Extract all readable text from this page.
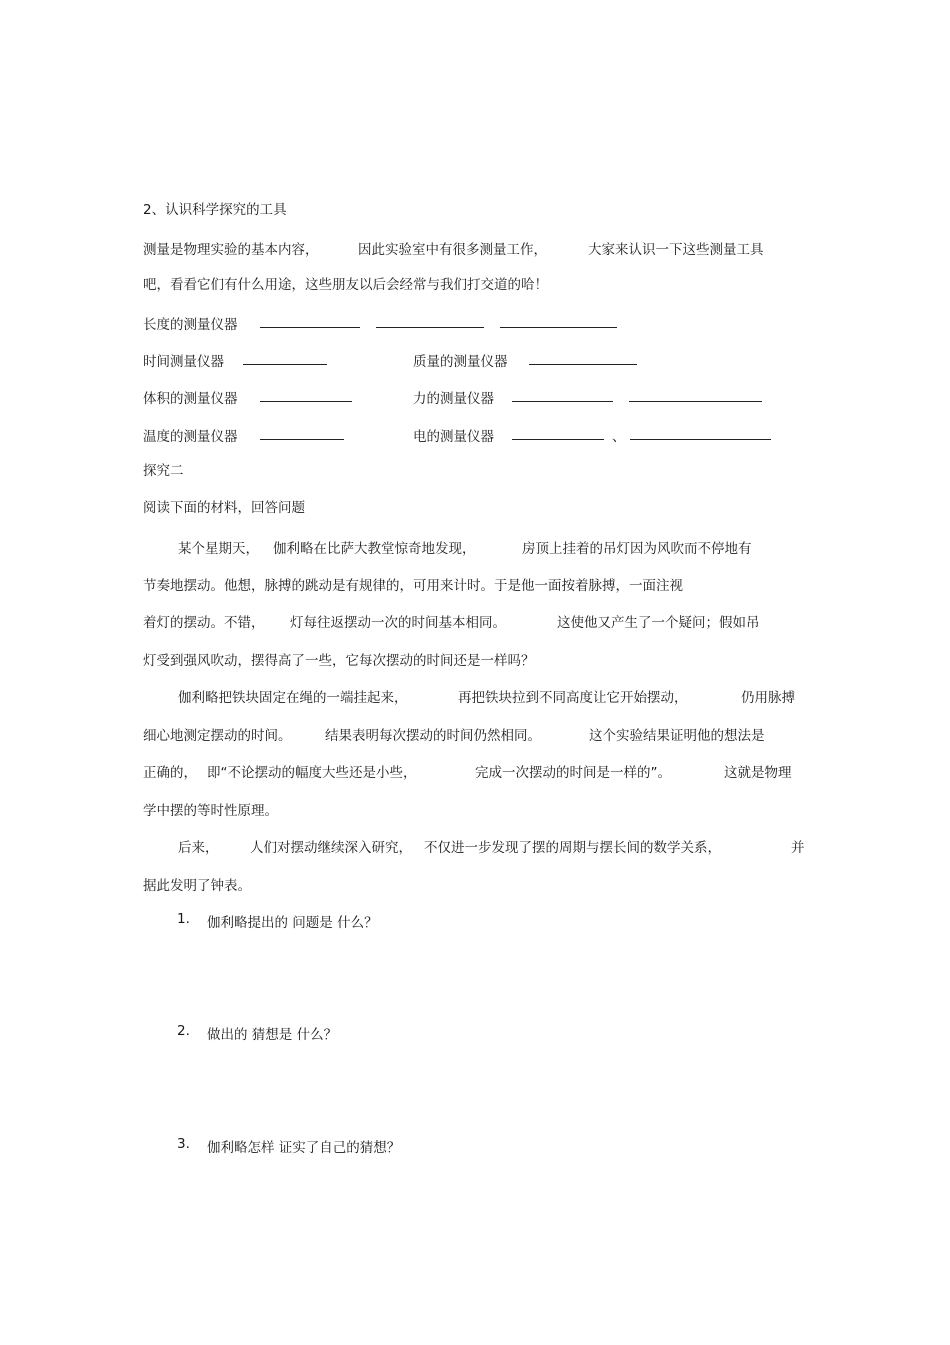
2、认识科学探究的工具
测量是物理实验的基本内容，	因此实验室中有很多测量工作，	大家来认识一下这些测量工具
吧，看看它们有什么用途，这些朋友以后会经常与我们打交道的哈！
长度的测量仪器
时间测量仪器	质量的测量仪器
体积的测量仪器	力的测量仪器
温度的测量仪器	电的测量仪器	、
探究二
阅读下面的材料，回答问题
某个星期天， 伽利略在比萨大教堂惊奇地发现，	房顶上挂着的吊灯因为风吹而不停地有
节奏地摆动。他想，脉搏的跳动是有规律的，可用来计时。于是他一面按着脉搏，一面注视
着灯的摆动。不错， 灯每往返摆动一次的时间基本相同。	这使他又产生了一个疑问；假如吊
灯受到强风吹动，摆得高了一些，它每次摆动的时间还是一样吗？
伽利略把铁块固定在绳的一端挂起来，	再把铁块拉到不同高度让它开始摆动，	仍用脉搏
细心地测定摆动的时间。 结果表明每次摆动的时间仍然相同。	这个实验结果证明他的想法是
正确的， 即“不论摆动的幅度大些还是小些，	完成一次摆动的时间是一样的”。	这就是物理
学中摆的等时性原理。
后来， 人们对摆动继续深入研究， 不仅进一步发现了摆的周期与摆长间的数学关系，	并
据此发明了钟表。
1. 伽利略提出的 问题是 什么？
2. 做出的 猜想是 什么？
3. 伽利略怎样 证实了自己的猜想？
